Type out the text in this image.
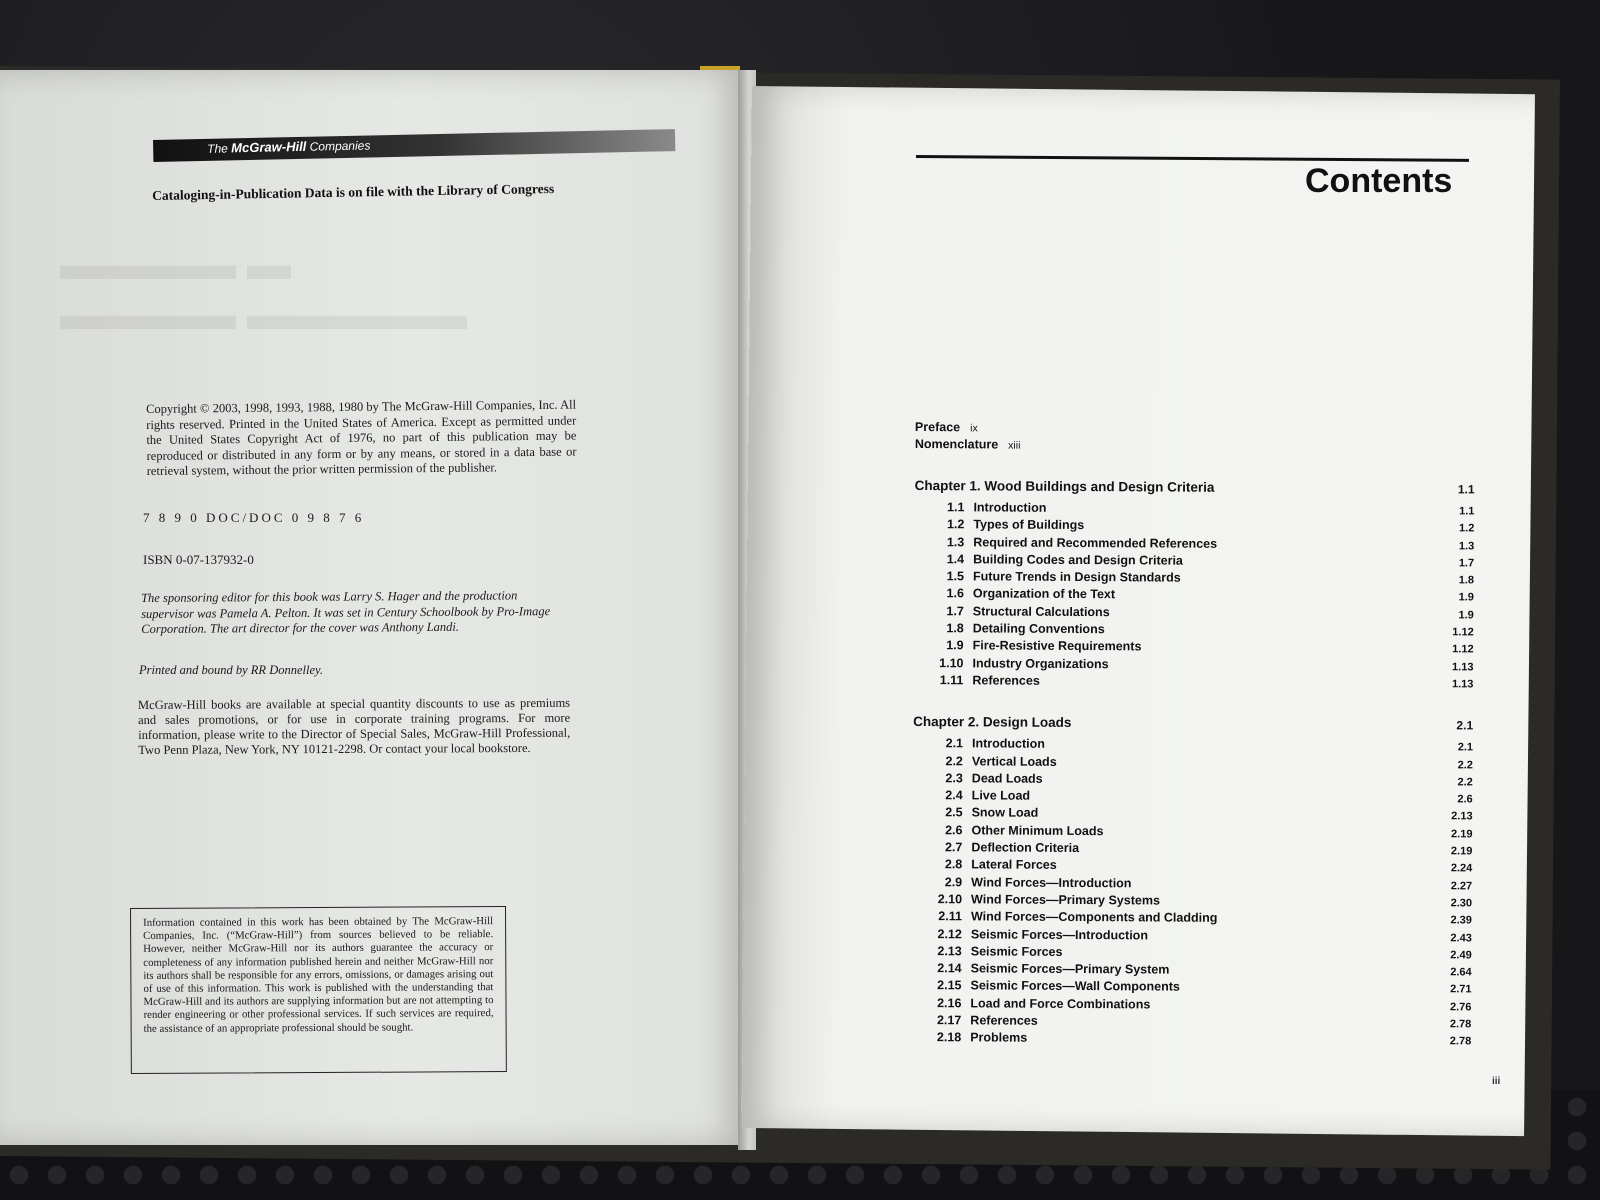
▬▬▬▬ ▬
▬▬▬▬ ▬▬▬▬▬
The McGraw-Hill Companies
Cataloging-in-Publication Data is on file with the Library of Congress
Copyright © 2003, 1998, 1993, 1988, 1980 by The McGraw-Hill Companies, Inc. All rights reserved. Printed in the United States of America. Except as permitted under the United States Copyright Act of 1976, no part of this publication may be reproduced or distributed in any form or by any means, or stored in a data base or retrieval system, without the prior written permission of the publisher.
7 8 9 0 DOC/DOC 0 9 8 7 6
ISBN 0-07-137932-0
The sponsoring editor for this book was Larry S. Hager and the production supervisor was Pamela A. Pelton. It was set in Century Schoolbook by Pro-Image Corporation. The art director for the cover was Anthony Landi.
Printed and bound by RR Donnelley.
McGraw-Hill books are available at special quantity discounts to use as premiums and sales promotions, or for use in corporate training programs. For more information, please write to the Director of Special Sales, McGraw-Hill Professional, Two Penn Plaza, New York, NY 10121-2298. Or contact your local bookstore.
Information contained in this work has been obtained by The McGraw-Hill Companies, Inc. (“McGraw-Hill”) from sources believed to be reliable. However, neither McGraw-Hill nor its authors guarantee the accuracy or completeness of any information published herein and neither McGraw-Hill nor its authors shall be responsible for any errors, omissions, or damages arising out of use of this information. This work is published with the understanding that McGraw-Hill and its authors are supplying information but are not attempting to render engineering or other professional services. If such services are required, the assistance of an appropriate professional should be sought.
Contents
Preface ix
Nomenclature xiii
Chapter 1. Wood Buildings and Design Criteria	1.1
1.1 Introduction	1.1
1.2 Types of Buildings	1.2
1.3 Required and Recommended References	1.3
1.4 Building Codes and Design Criteria	1.7
1.5 Future Trends in Design Standards	1.8
1.6 Organization of the Text	1.9
1.7 Structural Calculations	1.9
1.8 Detailing Conventions	1.12
1.9 Fire-Resistive Requirements	1.12
1.10 Industry Organizations	1.13
1.11 References	1.13
Chapter 2. Design Loads	2.1
2.1 Introduction	2.1
2.2 Vertical Loads	2.2
2.3 Dead Loads	2.2
2.4 Live Load	2.6
2.5 Snow Load	2.13
2.6 Other Minimum Loads	2.19
2.7 Deflection Criteria	2.19
2.8 Lateral Forces	2.24
2.9 Wind Forces—Introduction	2.27
2.10 Wind Forces—Primary Systems	2.30
2.11 Wind Forces—Components and Cladding	2.39
2.12 Seismic Forces—Introduction	2.43
2.13 Seismic Forces	2.49
2.14 Seismic Forces—Primary System	2.64
2.15 Seismic Forces—Wall Components	2.71
2.16 Load and Force Combinations	2.76
2.17 References	2.78
2.18 Problems	2.78
iii
